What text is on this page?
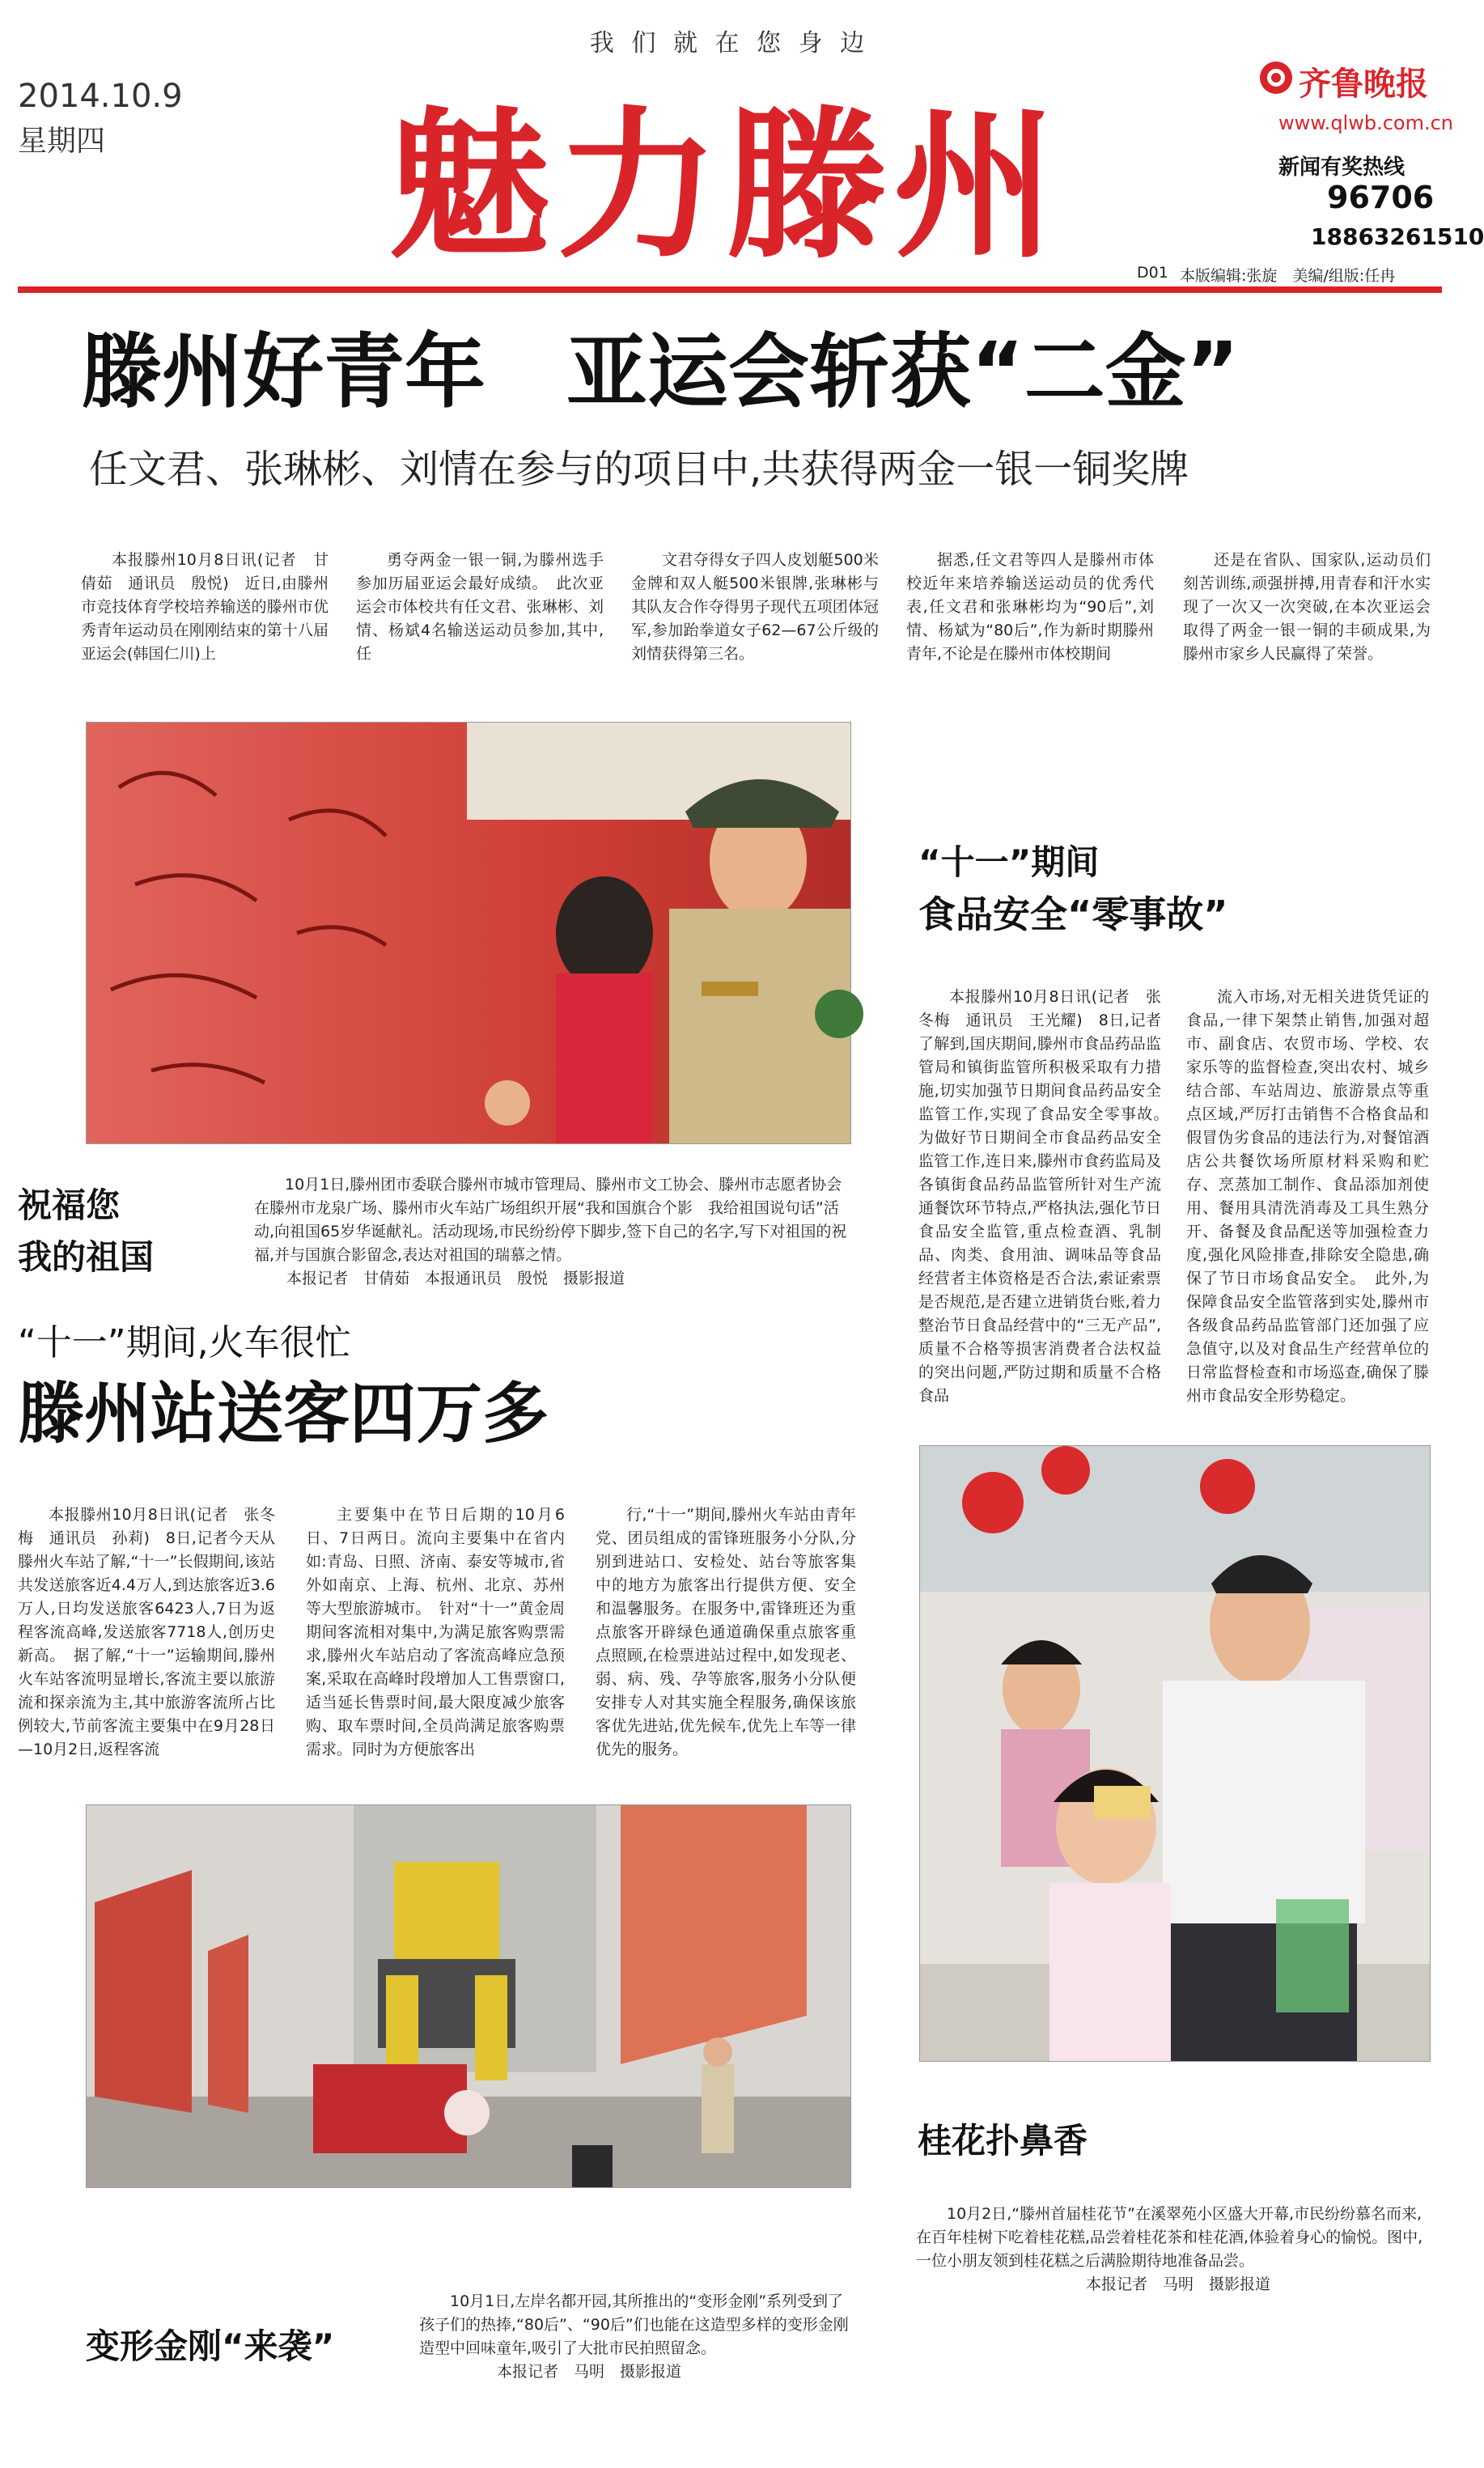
我 们 就 在 您 身 边
2014.10.9
星期四 魅力滕州
齐鲁晚报
www.qlwb.com.cn
新闻有奖热线
96706
18863261510
D01 本版编辑:张旋　美编/组版:任冉
滕州好青年　亚运会斩获“二金”
任文君、张琳彬、刘情在参与的项目中,共获得两金一银一铜奖牌

本报滕州10月8日讯(记者　甘倩茹　通讯员　殷悦)　近日,由滕州市竞技体育学校培养输送的滕州市优秀青年运动员在刚刚结束的第十八届亚运会(韩国仁川)上

勇夺两金一银一铜,为滕州选手参加历届亚运会最好成绩。　此次亚运会市体校共有任文君、张琳彬、刘情、杨斌4名输送运动员参加,其中,任

文君夺得女子四人皮划艇500米金牌和双人艇500米银牌,张琳彬与其队友合作夺得男子现代五项团体冠军,参加跆拳道女子62—67公斤级的刘情获得第三名。

据悉,任文君等四人是滕州市体校近年来培养输送运动员的优秀代表,任文君和张琳彬均为“90后”,刘情、杨斌为“80后”,作为新时期滕州青年,不论是在滕州市体校期间

还是在省队、国家队,运动员们刻苦训练,顽强拼搏,用青春和汗水实现了一次又一次突破,在本次亚运会取得了两金一银一铜的丰硕成果,为滕州市家乡人民赢得了荣誉。

祝福您
我的祖国

10月1日,滕州团市委联合滕州市城市管理局、滕州市文工协会、滕州市志愿者协会在滕州市龙泉广场、滕州市火车站广场组织开展“我和国旗合个影　我给祖国说句话”活动,向祖国65岁华诞献礼。活动现场,市民纷纷停下脚步,签下自己的名字,写下对祖国的祝福,并与国旗合影留念,表达对祖国的瑞慕之情。

本报记者　甘倩茹　本报通讯员　殷悦　摄影报道
“十一”期间
食品安全“零事故”

本报滕州10月8日讯(记者　张冬梅　通讯员　王光耀)　8日,记者了解到,国庆期间,滕州市食品药品监管局和镇街监管所积极采取有力措施,切实加强节日期间食品药品安全监管工作,实现了食品安全零事故。　为做好节日期间全市食品药品安全监管工作,连日来,滕州市食药监局及各镇街食品药品监管所针对生产流通餐饮环节特点,严格执法,强化节日食品安全监管,重点检查酒、乳制品、肉类、食用油、调味品等食品经营者主体资格是否合法,索证索票是否规范,是否建立进销货台账,着力整治节日食品经营中的“三无产品”,质量不合格等损害消费者合法权益的突出问题,严防过期和质量不合格食品

流入市场,对无相关进货凭证的食品,一律下架禁止销售,加强对超市、副食店、农贸市场、学校、农家乐等的监督检查,突出农村、城乡结合部、车站周边、旅游景点等重点区域,严厉打击销售不合格食品和假冒伪劣食品的违法行为,对餐馆酒店公共餐饮场所原材料采购和贮存、烹蒸加工制作、食品添加剂使用、餐用具清洗消毒及工具生熟分开、备餐及食品配送等加强检查力度,强化风险排查,排除安全隐患,确保了节日市场食品安全。　此外,为保障食品安全监管落到实处,滕州市各级食品药品监管部门还加强了应急值守,以及对食品生产经营单位的日常监督检查和市场巡查,确保了滕州市食品安全形势稳定。

“十一”期间,火车很忙
滕州站送客四万多

本报滕州10月8日讯(记者　张冬梅　通讯员　孙莉)　8日,记者今天从滕州火车站了解,“十一”长假期间,该站共发送旅客近4.4万人,到达旅客近3.6万人,日均发送旅客6423人,7日为返程客流高峰,发送旅客7718人,创历史新高。　据了解,“十一”运输期间,滕州火车站客流明显增长,客流主要以旅游流和探亲流为主,其中旅游客流所占比例较大,节前客流主要集中在9月28日—10月2日,返程客流

主要集中在节日后期的10月6日、7日两日。流向主要集中在省内如:青岛、日照、济南、泰安等城市,省外如南京、上海、杭州、北京、苏州等大型旅游城市。　针对“十一”黄金周期间客流相对集中,为满足旅客购票需求,滕州火车站启动了客流高峰应急预案,采取在高峰时段增加人工售票窗口,适当延长售票时间,最大限度减少旅客购、取车票时间,全员尚满足旅客购票需求。同时为方便旅客出

行,“十一”期间,滕州火车站由青年党、团员组成的雷锋班服务小分队,分别到进站口、安检处、站台等旅客集中的地方为旅客出行提供方便、安全和温馨服务。在服务中,雷锋班还为重点旅客开辟绿色通道确保重点旅客重点照顾,在检票进站过程中,如发现老、弱、病、残、孕等旅客,服务小分队便安排专人对其实施全程服务,确保该旅客优先进站,优先候车,优先上车等一律优先的服务。

桂花扑鼻香

10月2日,“滕州首届桂花节”在溪翠苑小区盛大开幕,市民纷纷慕名而来,在百年桂树下吃着桂花糕,品尝着桂花茶和桂花酒,体验着身心的愉悦。图中,一位小朋友领到桂花糕之后满脸期待地准备品尝。

本报记者　马明　摄影报道
变形金刚“来袭”

10月1日,左岸名都开园,其所推出的“变形金刚”系列受到了孩子们的热捧,“80后”、“90后”们也能在这造型多样的变形金刚造型中回味童年,吸引了大批市民拍照留念。

本报记者　马明　摄影报道
